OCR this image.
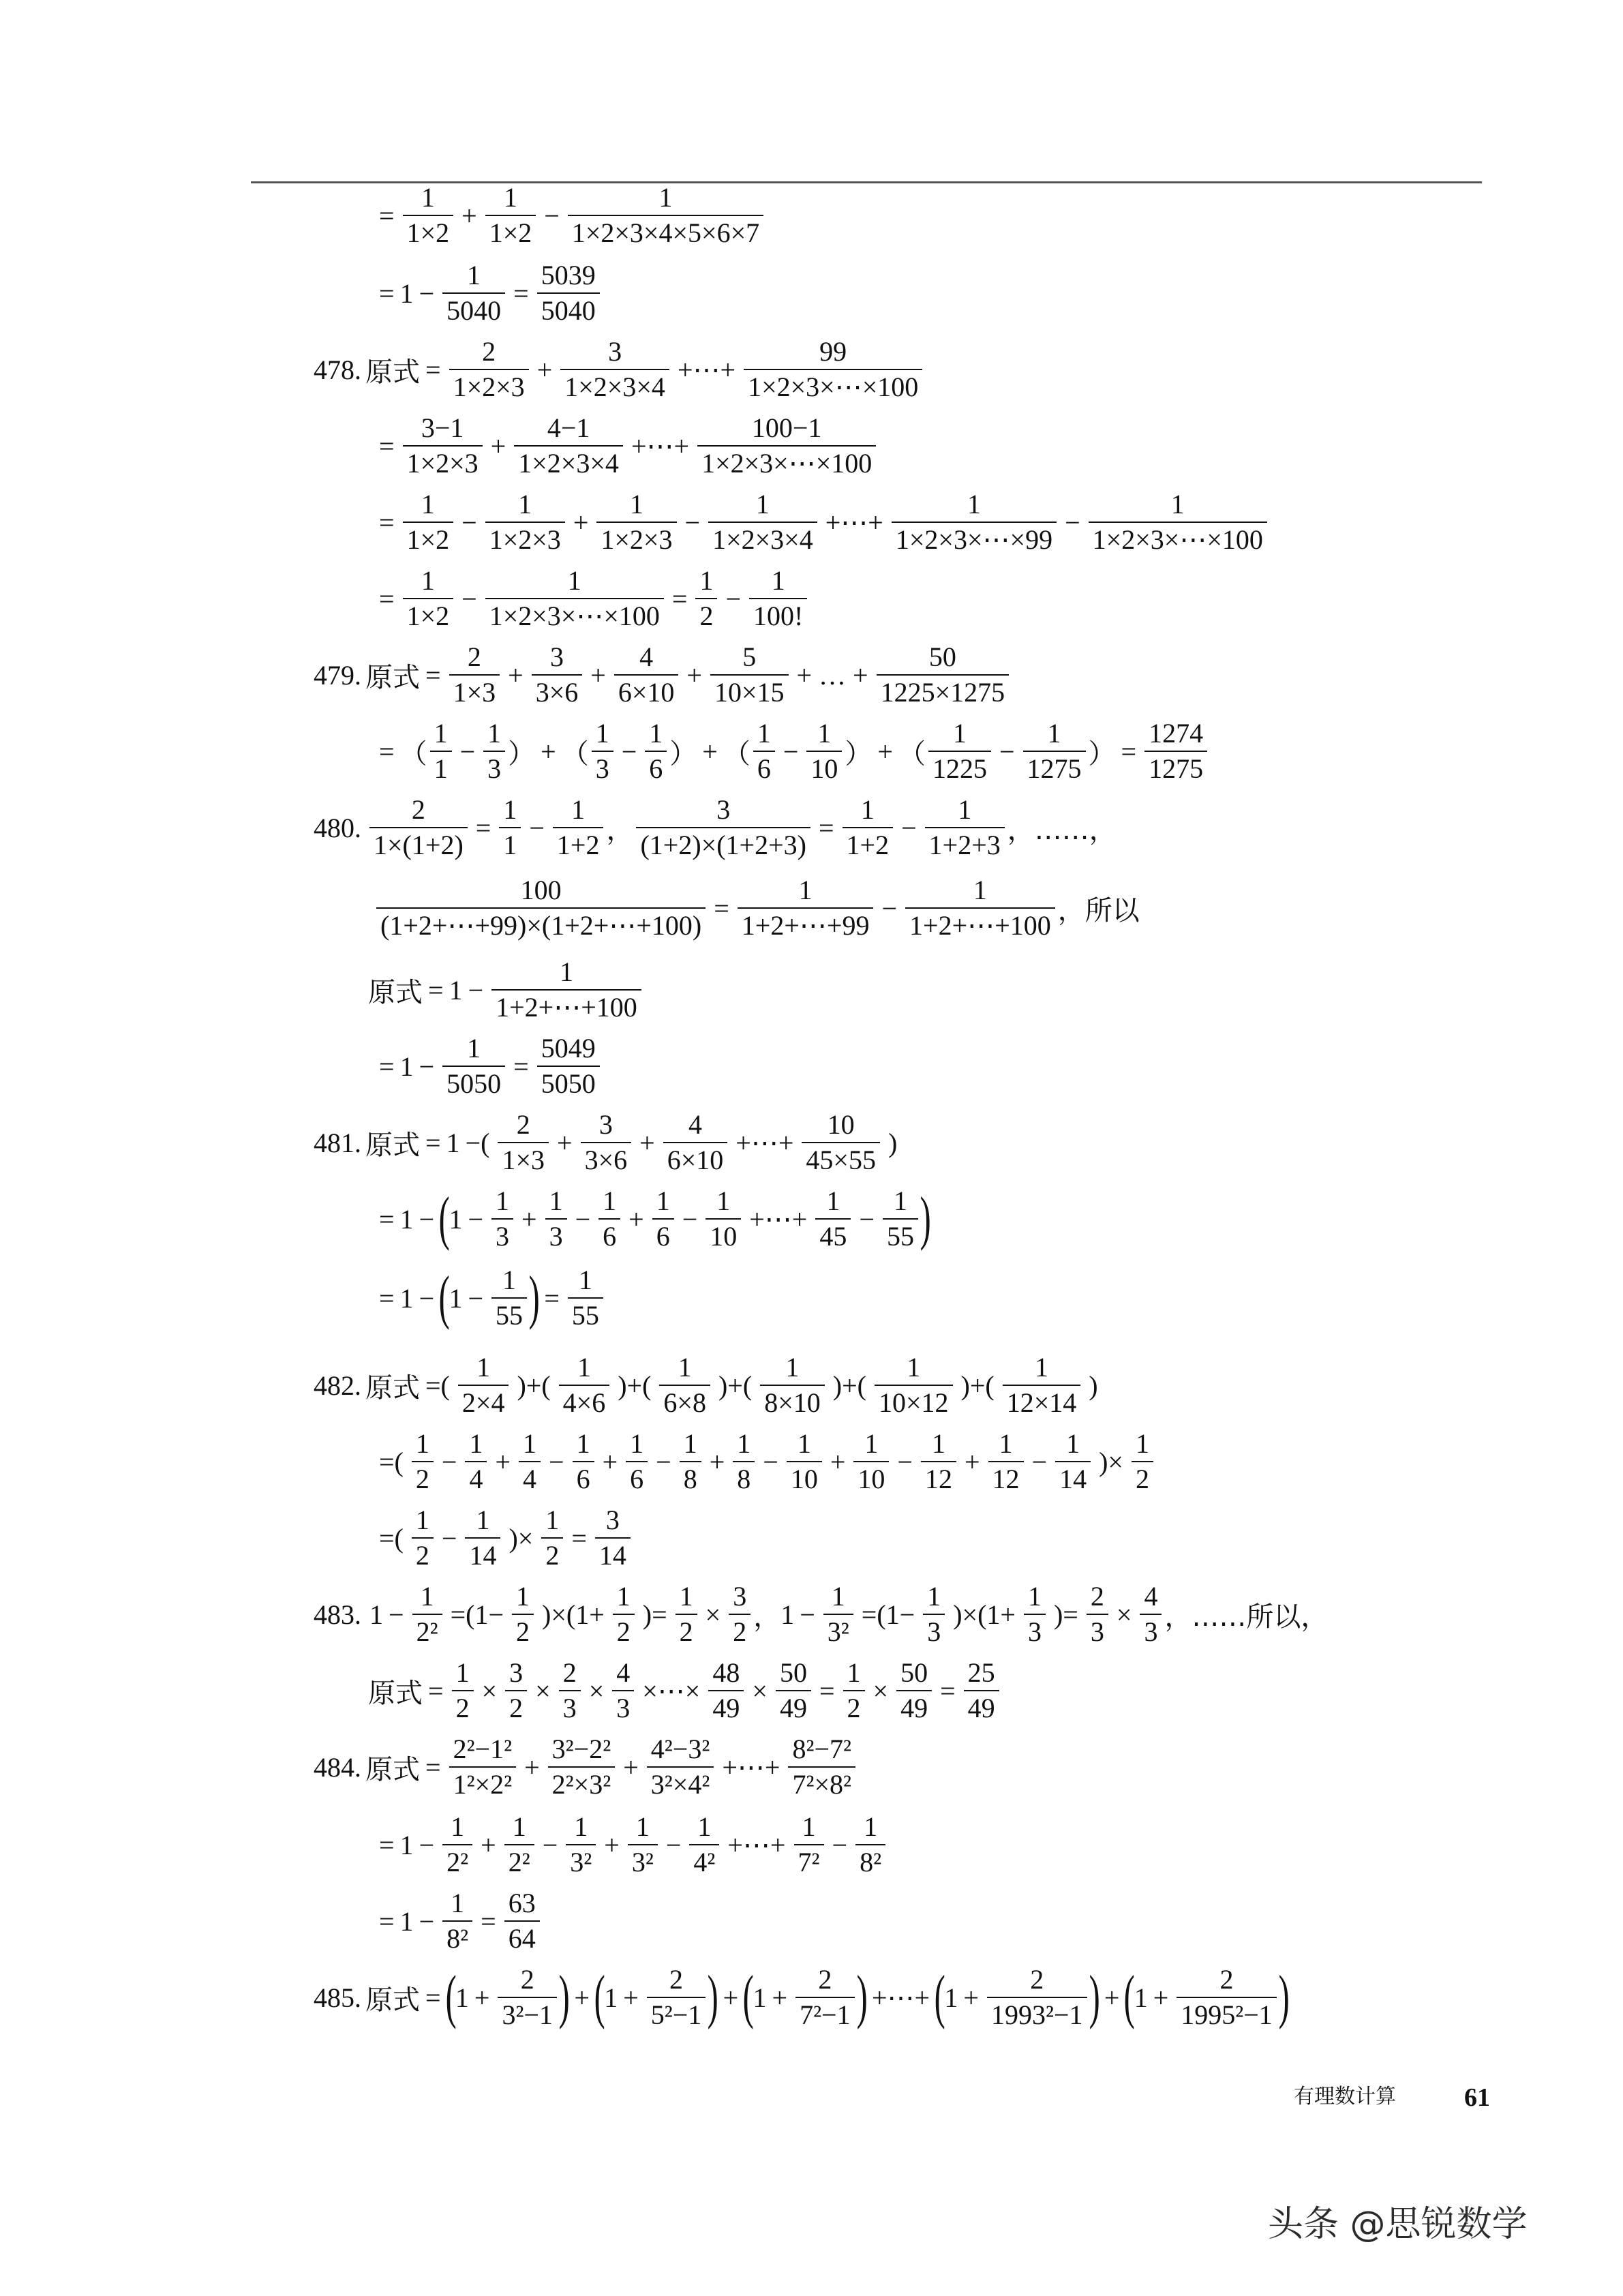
= $\frac{1}{1\times 2} + \frac{1}{1\times 2} - \frac{1}{1\times 2\times 3\times 4\times 5\times 6\times 7}$
= $1 - \frac{1}{5040} = \frac{5039}{5040}$
478. 原式 = $\frac{2}{1\times 2\times 3} + \frac{3}{1\times 2\times 3\times 4}$ +⋯+ $\frac{99}{1\times 2\times 3\times\cdots\times 100}$
= $\frac{3-1}{1\times 2\times 3} + \frac{4-1}{1\times 2\times 3\times 4}$ +⋯+ $\frac{100-1}{1\times 2\times 3\times\cdots\times 100}$
= $\frac{1}{1\times 2} - \frac{1}{1\times 2\times 3} + \frac{1}{1\times 2\times 3} - \frac{1}{1\times 2\times 3\times 4}$ +⋯+ $\frac{1}{1\times 2\times 3\times\cdots\times 99} - \frac{1}{1\times 2\times 3\times\cdots\times 100}$
= $\frac{1}{1\times 2} - \frac{1}{1\times 2\times 3\times\cdots\times 100} = \frac{1}{2} - \frac{1}{100!}$
479. 原式 = $\frac{2}{1\times 3} + \frac{3}{3\times 6} + \frac{4}{6\times 10} + \frac{5}{10\times 15}$ + … + $\frac{50}{1225\times 1275}$
= （ $\frac{1}{1} - \frac{1}{3}$ ） + （ $\frac{1}{3} - \frac{1}{6}$ ） + （ $\frac{1}{6} - \frac{1}{10}$ ） + （ $\frac{1}{1225} - \frac{1}{1275}$ ） = $\frac{1274}{1275}$
480. $\frac{2}{1\times(1+2)} = \frac{1}{1} - \frac{1}{1+2}$ ， $\frac{3}{(1+2)\times(1+2+3)} = \frac{1}{1+2} - \frac{1}{1+2+3}$ ，……，
$\frac{100}{(1+2+\cdots+99)\times(1+2+\cdots+100)} = \frac{1}{1+2+\cdots+99} - \frac{1}{1+2+\cdots+100}$ ，所以
原式 = $1 - \frac{1}{1+2+\cdots+100}$
= $1 - \frac{1}{5050} = \frac{5049}{5050}$
481. 原式 = 1 −( $\frac{2}{1\times 3} + \frac{3}{3\times 6} + \frac{4}{6\times 10}$ +⋯+ $\frac{10}{45\times 55}$ )
= 1 − (
$1 - \frac{1}{3} + \frac{1}{3} - \frac{1}{6} + \frac{1}{6} - \frac{1}{10}$ +⋯+ $\frac{1}{45} - \frac{1}{55}$ )
= 1 − (
$1 - \frac{1}{55}$ ) = $\frac{1}{55}$
482. 原式 =( $\frac{1}{2\times 4}$ )+( $\frac{1}{4\times 6}$ )+( $\frac{1}{6\times 8}$ )+( $\frac{1}{8\times 10}$ )+( $\frac{1}{10\times 12}$ )+( $\frac{1}{12\times 14}$ )
=( $\frac{1}{2} - \frac{1}{4} + \frac{1}{4} - \frac{1}{6} + \frac{1}{6} - \frac{1}{8} + \frac{1}{8} - \frac{1}{10} + \frac{1}{10} - \frac{1}{12} + \frac{1}{12} - \frac{1}{14}$ )× $\frac{1}{2}$
=( $\frac{1}{2} - \frac{1}{14}$ )× $\frac{1}{2} = \frac{3}{14}$
483. $1 - \frac{1}{\text{2²}} =(1- \frac{1}{2} )\times(1+ \frac{1}{2}$ )= $\frac{1}{2} \times \frac{3}{2}$ ， $1 - \frac{1}{\text{3²}} =(1- \frac{1}{3} )\times(1+ \frac{1}{3}$ )= $\frac{2}{3} \times \frac{4}{3}$ ，……所以，
原式 = $\frac{1}{2} \times \frac{3}{2} \times \frac{2}{3} \times \frac{4}{3}$ ×⋯× $\frac{48}{49} \times \frac{50}{49} = \frac{1}{2} \times \frac{50}{49} = \frac{25}{49}$
484. 原式 = $\frac{\text{2²−1²}}{\text{1²×2²}} + \frac{\text{3²−2²}}{\text{2²×3²}} + \frac{\text{4²−3²}}{\text{3²×4²}}$ +⋯+ $\frac{\text{8²−7²}}{\text{7²×8²}}$
= $1 - \frac{1}{\text{2²}} + \frac{1}{\text{2²}} - \frac{1}{\text{3²}} + \frac{1}{\text{3²}} - \frac{1}{\text{4²}}$ +⋯+ $\frac{1}{\text{7²}} - \frac{1}{\text{8²}}$
= $1 - \frac{1}{\text{8²}} = \frac{63}{64}$
485. 原式 = (
$1 + \frac{2}{\text{3²−1}}$ ) + (
$1 + \frac{2}{\text{5²−1}}$ ) + (
$1 + \frac{2}{\text{7²−1}}$ ) +⋯+ (
$1 + \frac{2}{\text{1993²−1}}$ ) + (
$1 + \frac{2}{\text{1995²−1}}$ )
有理数计算	61
头条 @思锐数学
